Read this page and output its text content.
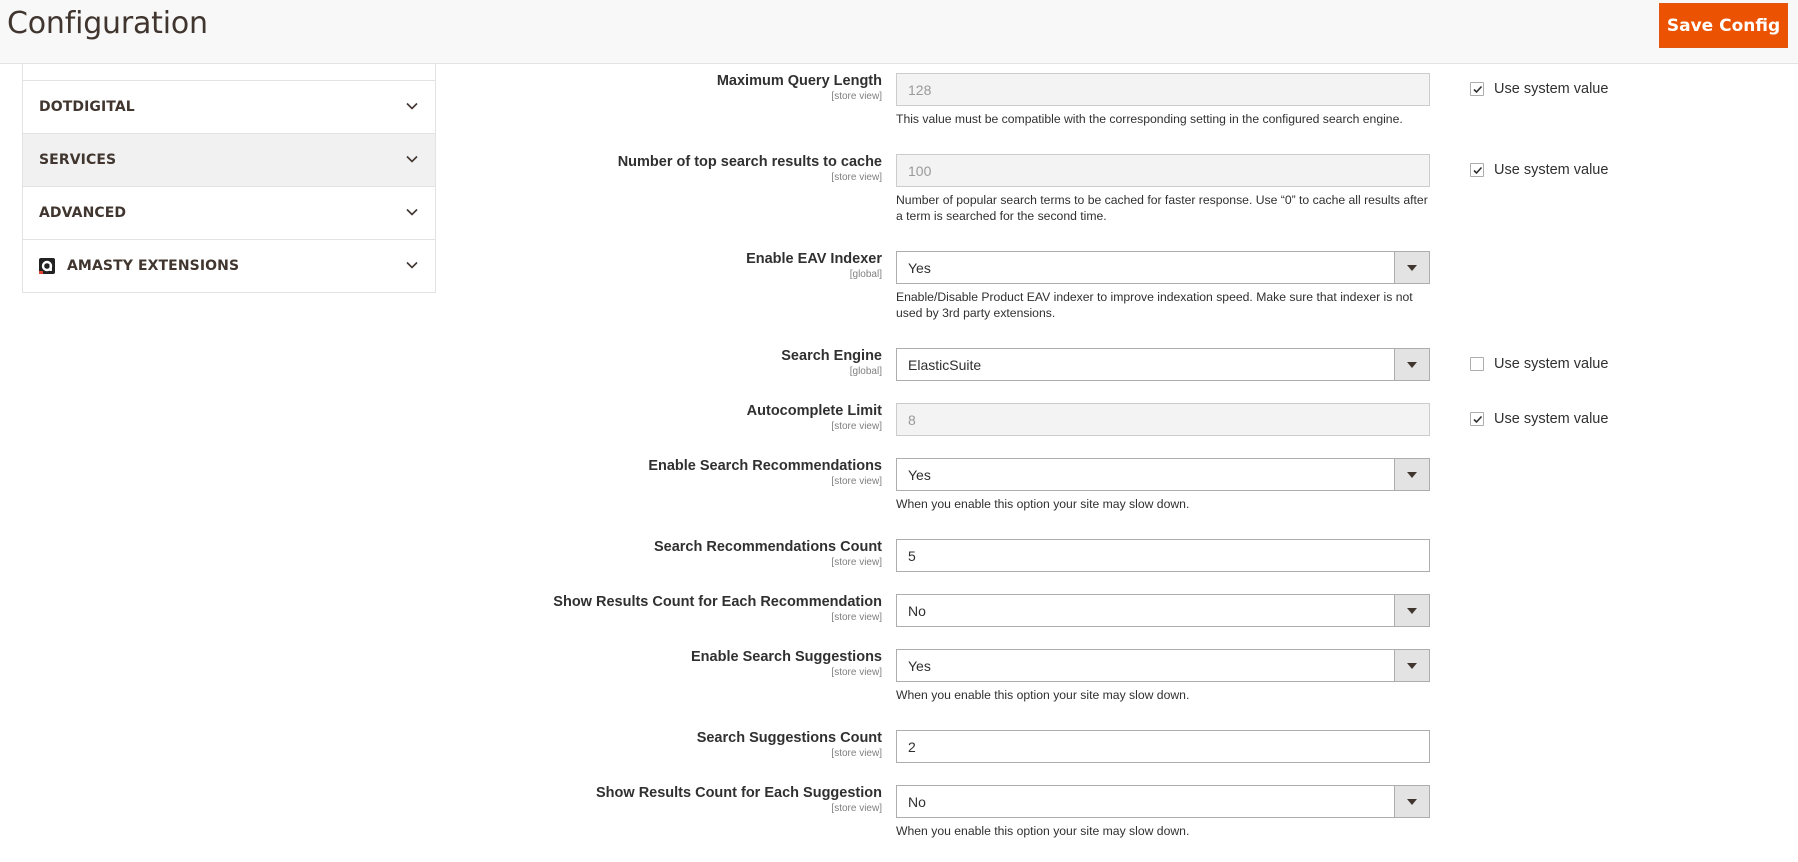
Configuration	Save Config
DOTDIGITAL
SERVICES
ADVANCED
AMASTY EXTENSIONS
Maximum Query Length
[store view] 128	Use system value
This value must be compatible with the corresponding setting in the configured search engine.
Number of top search results to cache
[store view] 100	Use system value
Number of popular search terms to be cached for faster response. Use “0” to cache all results after a term is searched for the second time.
Enable EAV Indexer
[global] Yes
Enable/Disable Product EAV indexer to improve indexation speed. Make sure that indexer is not used by 3rd party extensions.
Search Engine
[global] ElasticSuite	Use system value
Autocomplete Limit
[store view] 8	Use system value
Enable Search Recommendations
[store view] Yes
When you enable this option your site may slow down.
Search Recommendations Count
[store view] 5
Show Results Count for Each Recommendation
[store view] No
Enable Search Suggestions
[store view] Yes
When you enable this option your site may slow down.
Search Suggestions Count
[store view] 2
Show Results Count for Each Suggestion
[store view] No
When you enable this option your site may slow down.
